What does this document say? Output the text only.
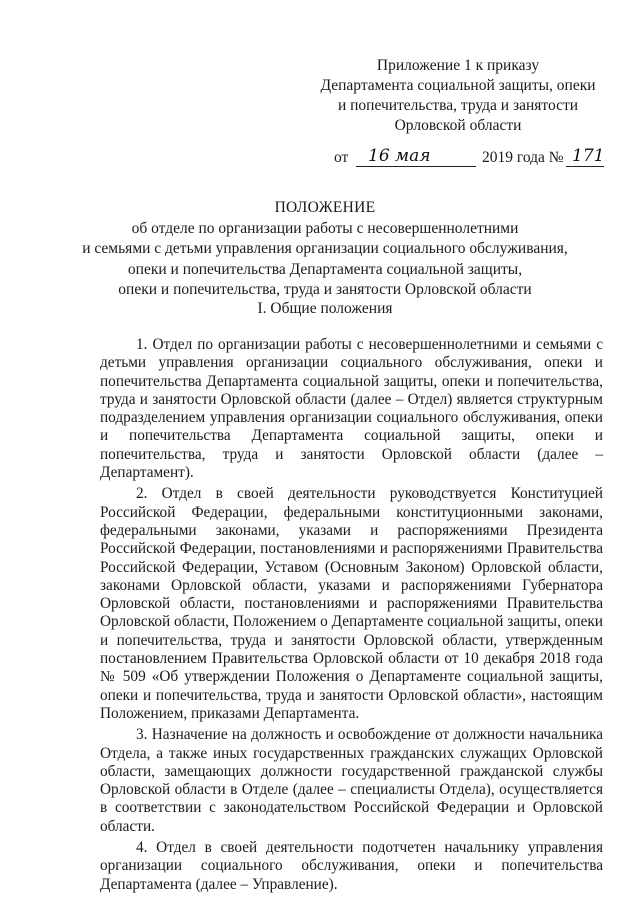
Приложение 1 к приказу
Департамента социальной защиты, опеки
и попечительства, труда и занятости
Орловской области
от 16 мая	2019 года № 171
ПОЛОЖЕНИЕ
об отделе по организации работы с несовершеннолетними
и семьями с детьми управления организации социального обслуживания,
опеки и попечительства Департамента социальной защиты,
опеки и попечительства, труда и занятости Орловской области
I. Общие положения

1. Отдел по организации работы с несовершеннолетними и семьями с детьми управления организации социального обслуживания, опеки и попечительства Департамента социальной защиты, опеки и попечительства, труда и занятости Орловской области (далее – Отдел) является структурным подразделением управления организации социального обслуживания, опеки и попечительства Департамента социальной защиты, опеки и попечительства, труда и занятости Орловской области (далее – Департамент).

2. Отдел в своей деятельности руководствуется Конституцией Российской Федерации, федеральными конституционными законами, федеральными законами, указами и распоряжениями Президента Российской Федерации, постановлениями и распоряжениями Правительства Российской Федерации, Уставом (Основным Законом) Орловской области, законами Орловской области, указами и распоряжениями Губернатора Орловской области, постановлениями и распоряжениями Правительства Орловской области, Положением о Департаменте социальной защиты, опеки и попечительства, труда и занятости Орловской области, утвержденным постановлением Правительства Орловской области от 10 декабря 2018 года № 509 «Об утверждении Положения о Департаменте социальной защиты, опеки и попечительства, труда и занятости Орловской области», настоящим Положением, приказами Департамента.

3. Назначение на должность и освобождение от должности начальника Отдела, а также иных государственных гражданских служащих Орловской области, замещающих должности государственной гражданской службы Орловской области в Отделе (далее – специалисты Отдела), осуществляется в соответствии с законодательством Российской Федерации и Орловской области.

4. Отдел в своей деятельности подотчетен начальнику управления организации социального обслуживания, опеки и попечительства Департамента (далее – Управление).
